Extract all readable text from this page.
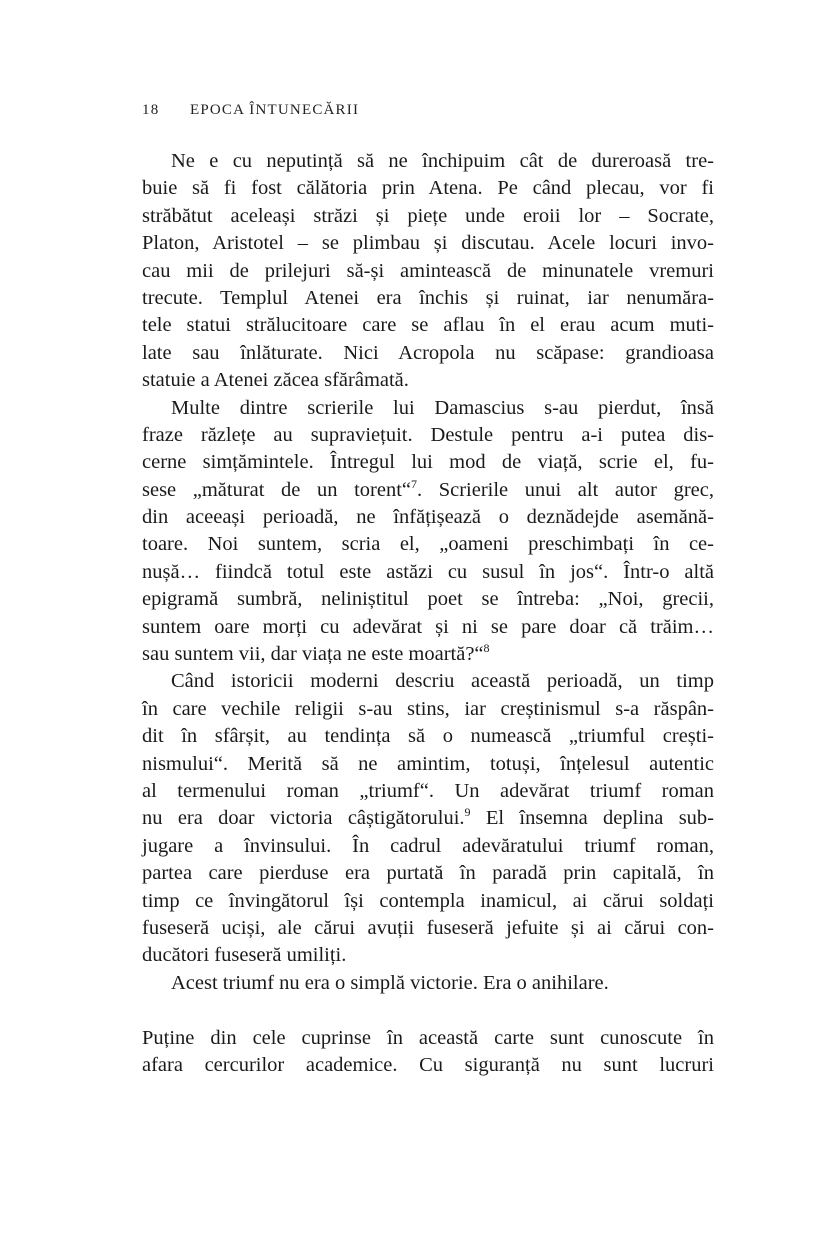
18 EPOCA ÎNTUNECĂRII
Ne e cu neputință să ne închipuim cât de dureroasă tre-
buie să fi fost călătoria prin Atena. Pe când plecau, vor fi
străbătut aceleași străzi și piețe unde eroii lor – Socrate,
Platon, Aristotel – se plimbau și discutau. Acele locuri invo-
cau mii de prilejuri să-și amintească de minunatele vremuri
trecute. Templul Atenei era închis și ruinat, iar nenumăra-
tele statui strălucitoare care se aflau în el erau acum muti-
late sau înlăturate. Nici Acropola nu scăpase: grandioasa
statuie a Atenei zăcea sfărâmată.
Multe dintre scrierile lui Damascius s-au pierdut, însă
fraze răzlețe au supraviețuit. Destule pentru a-i putea dis-
cerne simțămintele. Întregul lui mod de viață, scrie el, fu-
sese „măturat de un torent“$^7$. Scrierile unui alt autor grec,
din aceeași perioadă, ne înfățișează o deznădejde asemănă-
toare. Noi suntem, scria el, „oameni preschimbați în ce-
nușă… fiindcă totul este astăzi cu susul în jos“. Într-o altă
epigramă sumbră, neliniștitul poet se întreba: „Noi, grecii,
suntem oare morți cu adevărat și ni se pare doar că trăim…
sau suntem vii, dar viața ne este moartă?“$^8$
Când istoricii moderni descriu această perioadă, un timp
în care vechile religii s-au stins, iar creștinismul s-a răspân-
dit în sfârșit, au tendința să o numească „triumful crești-
nismului“. Merită să ne amintim, totuși, înțelesul autentic
al termenului roman „triumf“. Un adevărat triumf roman
nu era doar victoria câștigătorului.$^9$ El însemna deplina sub-
jugare a învinsului. În cadrul adevăratului triumf roman,
partea care pierduse era purtată în paradă prin capitală, în
timp ce învingătorul își contempla inamicul, ai cărui soldați
fuseseră uciși, ale cărui avuții fuseseră jefuite și ai cărui con-
ducători fuseseră umiliți.
Acest triumf nu era o simplă victorie. Era o anihilare.
Puține din cele cuprinse în această carte sunt cunoscute în
afara cercurilor academice. Cu siguranță nu sunt lucruri
